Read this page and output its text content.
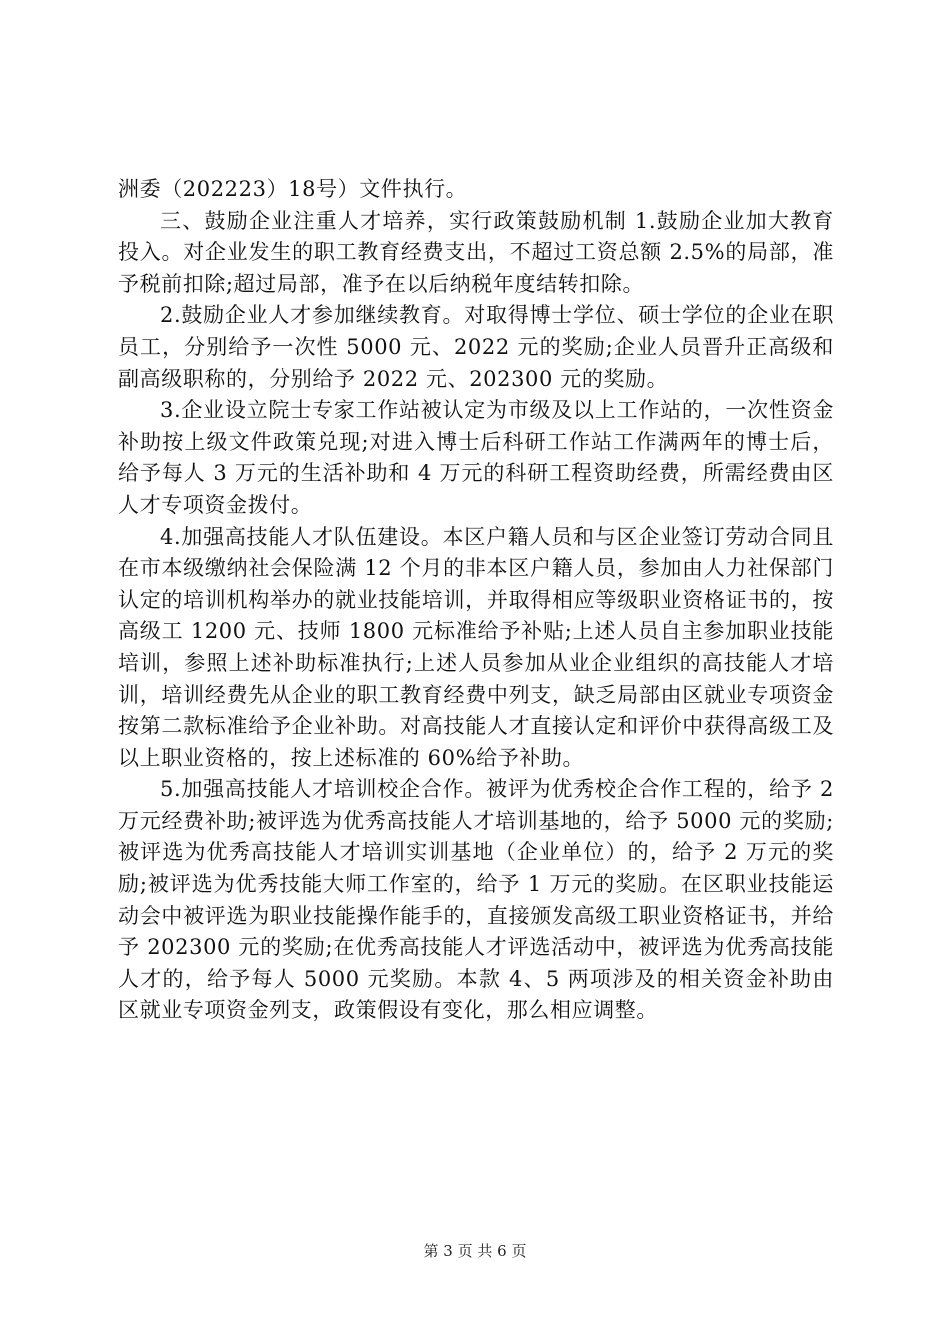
洲委（202223）18号）文件执行。

三、鼓励企业注重人才培养，实行政策鼓励机制 1.鼓励企业加大教育投入。对企业发生的职工教育经费支出，不超过工资总额 2.5%的局部，准予税前扣除;超过局部，准予在以后纳税年度结转扣除。

2.鼓励企业人才参加继续教育。对取得博士学位、硕士学位的企业在职员工，分别给予一次性 5000 元、2022 元的奖励;企业人员晋升正高级和副高级职称的，分别给予 2022 元、202300 元的奖励。

3.企业设立院士专家工作站被认定为市级及以上工作站的，一次性资金补助按上级文件政策兑现;对进入博士后科研工作站工作满两年的博士后，给予每人 3 万元的生活补助和 4 万元的科研工程资助经费，所需经费由区人才专项资金拨付。

4.加强高技能人才队伍建设。本区户籍人员和与区企业签订劳动合同且在市本级缴纳社会保险满 12 个月的非本区户籍人员，参加由人力社保部门认定的培训机构举办的就业技能培训，并取得相应等级职业资格证书的，按高级工 1200 元、技师 1800 元标准给予补贴;上述人员自主参加职业技能培训，参照上述补助标准执行;上述人员参加从业企业组织的高技能人才培训，培训经费先从企业的职工教育经费中列支，缺乏局部由区就业专项资金按第二款标准给予企业补助。对高技能人才直接认定和评价中获得高级工及以上职业资格的，按上述标准的 60%给予补助。

5.加强高技能人才培训校企合作。被评为优秀校企合作工程的，给予 2 万元经费补助;被评选为优秀高技能人才培训基地的，给予 5000 元的奖励;被评选为优秀高技能人才培训实训基地（企业单位）的，给予 2 万元的奖励;被评选为优秀技能大师工作室的，给予 1 万元的奖励。在区职业技能运动会中被评选为职业技能操作能手的，直接颁发高级工职业资格证书，并给予 202300 元的奖励;在优秀高技能人才评选活动中，被评选为优秀高技能人才的，给予每人 5000 元奖励。本款 4、5 两项涉及的相关资金补助由区就业专项资金列支，政策假设有变化，那么相应调整。

第 3 页 共 6 页
